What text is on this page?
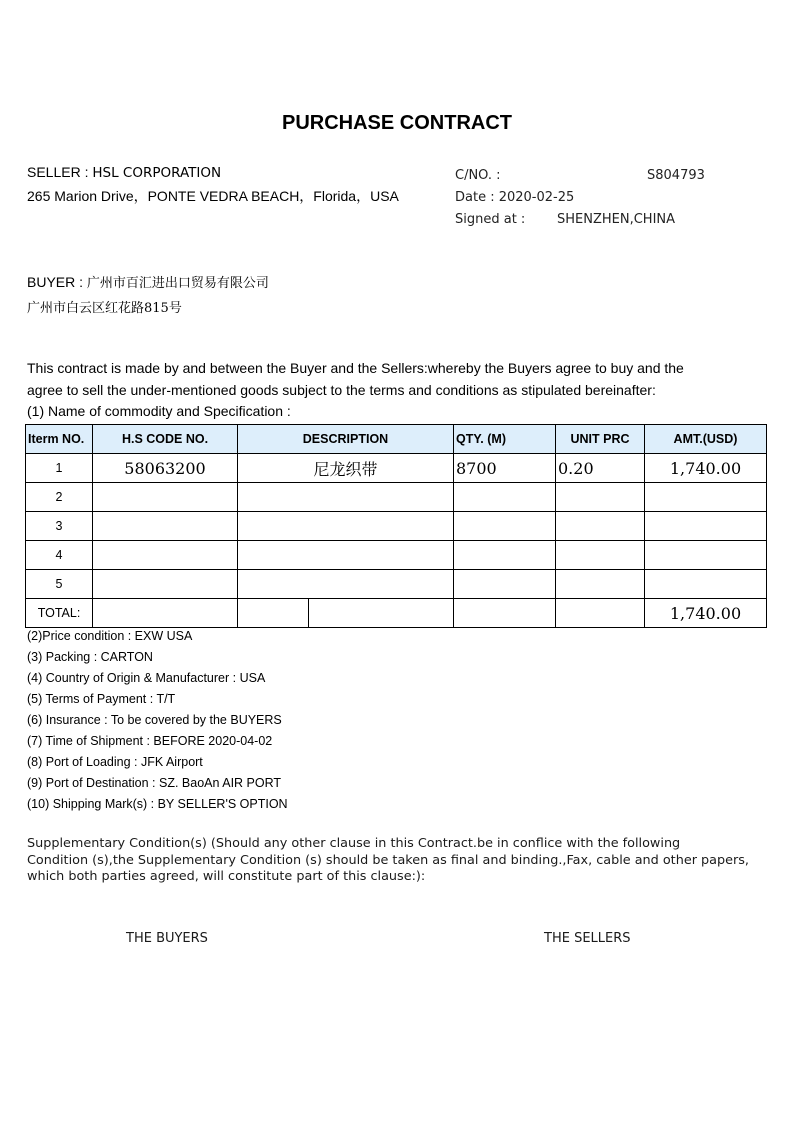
PURCHASE CONTRACT
SELLER : HSL CORPORATION
265 Marion Drive，PONTE VEDRA BEACH，Florida，USA
C/NO. :	S804793
Date : 2020-02-25
Signed at : SHENZHEN,CHINA
BUYER : 广州市百汇进出口贸易有限公司
广州市白云区红花路815号
This contract is made by and between the Buyer and the Sellers:whereby the Buyers agree to buy and the
agree to sell the under-mentioned goods subject to the terms and conditions as stipulated bereinafter:
(1) Name of commodity and Specification :
Iterm NO.	H.S CODE NO.	DESCRIPTION	QTY. (M)	UNIT PRC	AMT.(USD)
1	58063200	尼龙织带	8700	0.20	1,740.00
2					
3					
4					
5					
TOTAL:					1,740.00
(2)Price condition : EXW USA
(3) Packing : CARTON
(4) Country of Origin & Manufacturer : USA
(5) Terms of Payment : T/T
(6) Insurance : To be covered by the BUYERS
(7) Time of Shipment : BEFORE 2020-04-02
(8) Port of Loading : JFK Airport
(9) Port of Destination : SZ. BaoAn AIR PORT
(10) Shipping Mark(s) : BY SELLER'S OPTION
Supplementary Condition(s) (Should any other clause in this Contract.be in conflice with the following
Condition (s),the Supplementary Condition (s) should be taken as final and binding.,Fax, cable and other papers,
which both parties agreed, will constitute part of this clause:):
THE BUYERS	THE SELLERS
